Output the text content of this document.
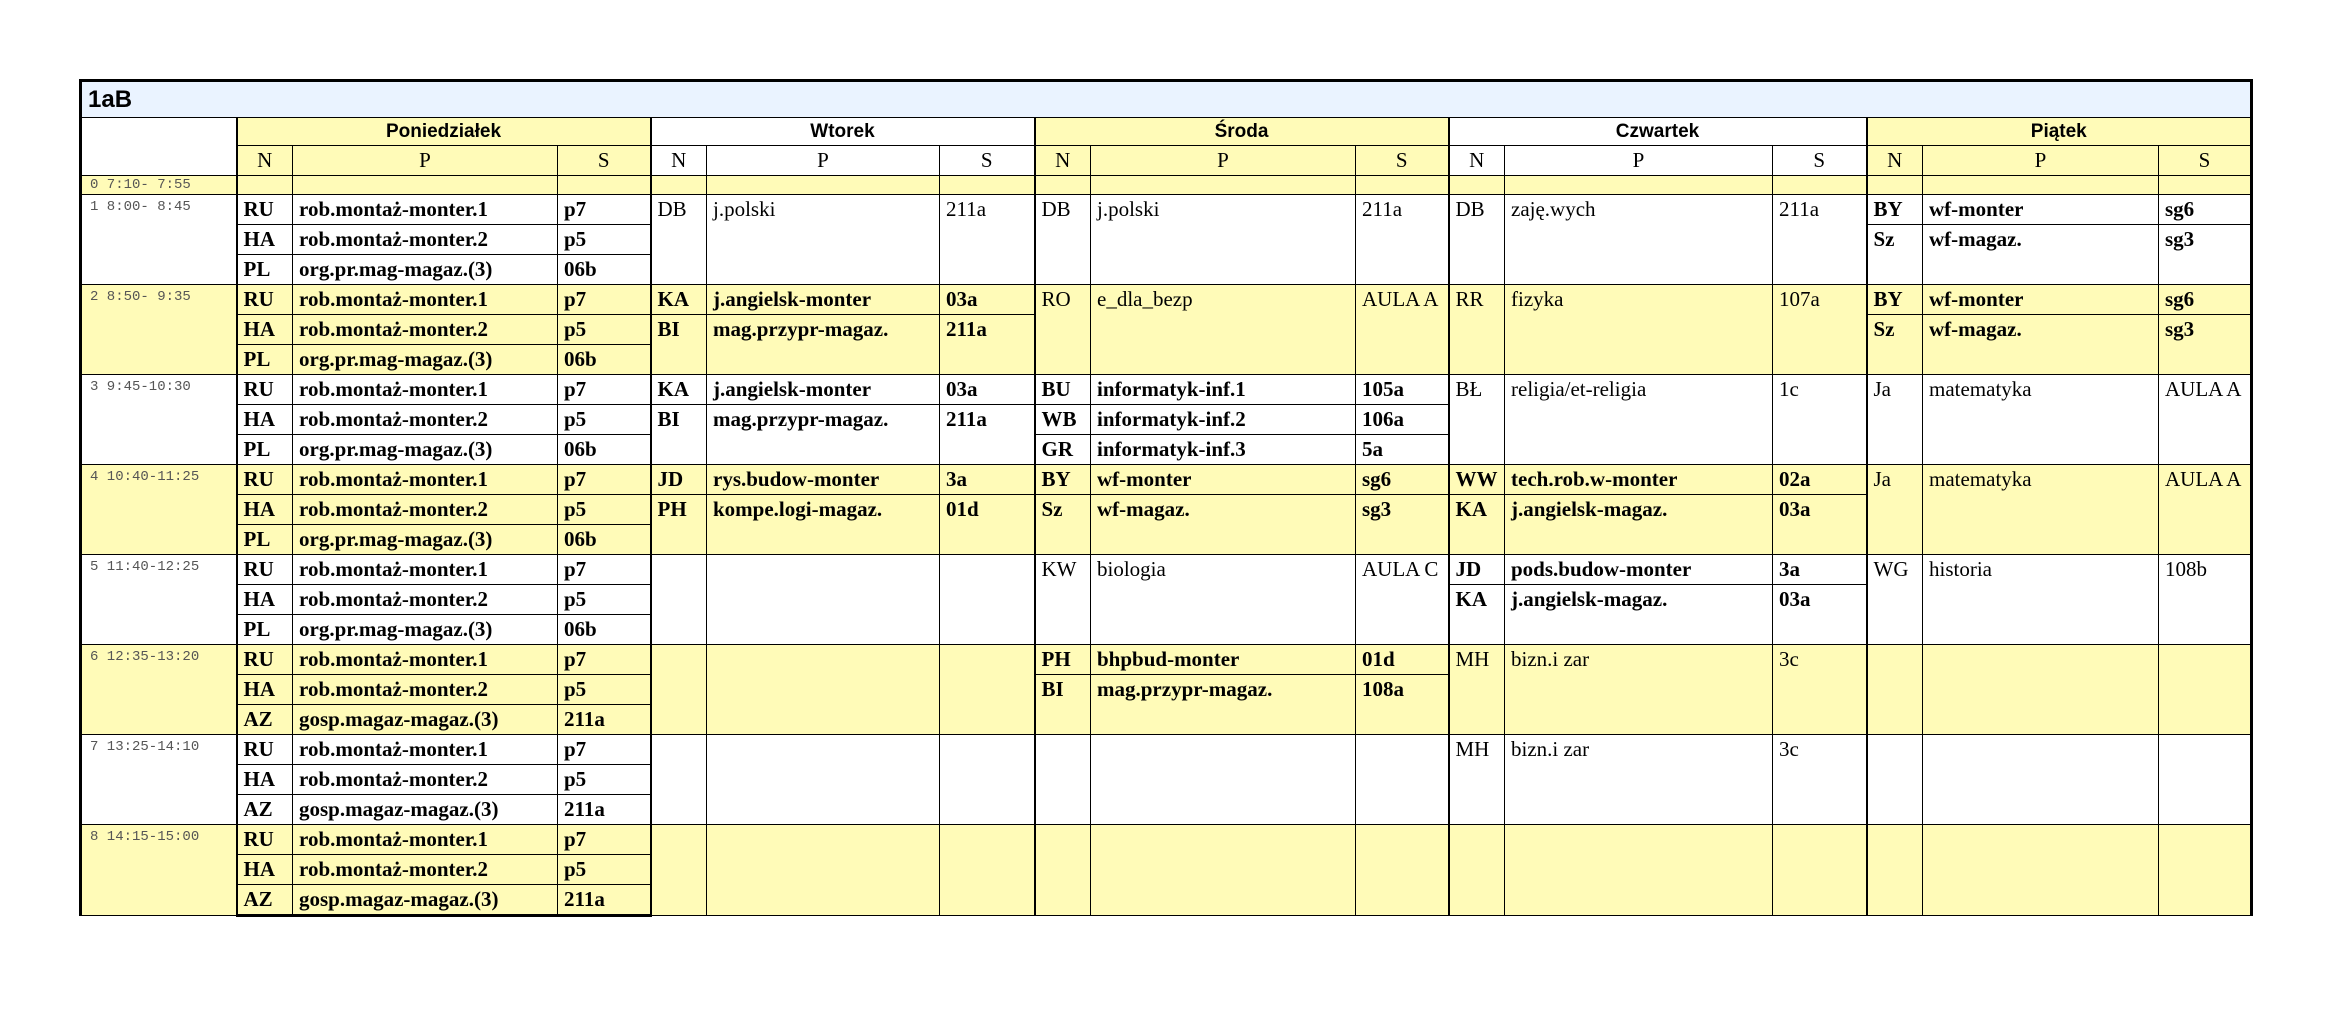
1aB															
	Poniedziałek			Wtorek			Środa			Czwartek			Piątek		
	N	P	S	N	P	S	N	P	S	N	P	S	N	P	S
0 7:10- 7:55															
1 8:00- 8:45	RU	rob.montaż-monter.1	p7	DB	j.polski	211a	DB	j.polski	211a	DB	zaję.wych	211a	BY	wf-monter	sg6
	HA	rob.montaż-monter.2	p5										Sz	wf-magaz.	sg3
	PL	org.pr.mag-magaz.(3)	06b												
2 8:50- 9:35	RU	rob.montaż-monter.1	p7	KA	j.angielsk-monter	03a	RO	e_dla_bezp	AULA A	RR	fizyka	107a	BY	wf-monter	sg6
	HA	rob.montaż-monter.2	p5	BI	mag.przypr-magaz.	211a							Sz	wf-magaz.	sg3
	PL	org.pr.mag-magaz.(3)	06b												
3 9:45-10:30	RU	rob.montaż-monter.1	p7	KA	j.angielsk-monter	03a	BU	informatyk-inf.1	105a	BŁ	religia/et-religia	1c	Ja	matematyka	AULA A
	HA	rob.montaż-monter.2	p5	BI	mag.przypr-magaz.	211a	WB	informatyk-inf.2	106a						
	PL	org.pr.mag-magaz.(3)	06b				GR	informatyk-inf.3	5a						
4 10:40-11:25	RU	rob.montaż-monter.1	p7	JD	rys.budow-monter	3a	BY	wf-monter	sg6	WW	tech.rob.w-monter	02a	Ja	matematyka	AULA A
	HA	rob.montaż-monter.2	p5	PH	kompe.logi-magaz.	01d	Sz	wf-magaz.	sg3	KA	j.angielsk-magaz.	03a			
	PL	org.pr.mag-magaz.(3)	06b												
5 11:40-12:25	RU	rob.montaż-monter.1	p7				KW	biologia	AULA C	JD	pods.budow-monter	3a	WG	historia	108b
	HA	rob.montaż-monter.2	p5							KA	j.angielsk-magaz.	03a			
	PL	org.pr.mag-magaz.(3)	06b												
6 12:35-13:20	RU	rob.montaż-monter.1	p7				PH	bhpbud-monter	01d	MH	bizn.i zar	3c			
	HA	rob.montaż-monter.2	p5				BI	mag.przypr-magaz.	108a						
	AZ	gosp.magaz-magaz.(3)	211a												
7 13:25-14:10	RU	rob.montaż-monter.1	p7							MH	bizn.i zar	3c			
	HA	rob.montaż-monter.2	p5												
	AZ	gosp.magaz-magaz.(3)	211a												
8 14:15-15:00	RU	rob.montaż-monter.1	p7												
	HA	rob.montaż-monter.2	p5												
	AZ	gosp.magaz-magaz.(3)	211a												
